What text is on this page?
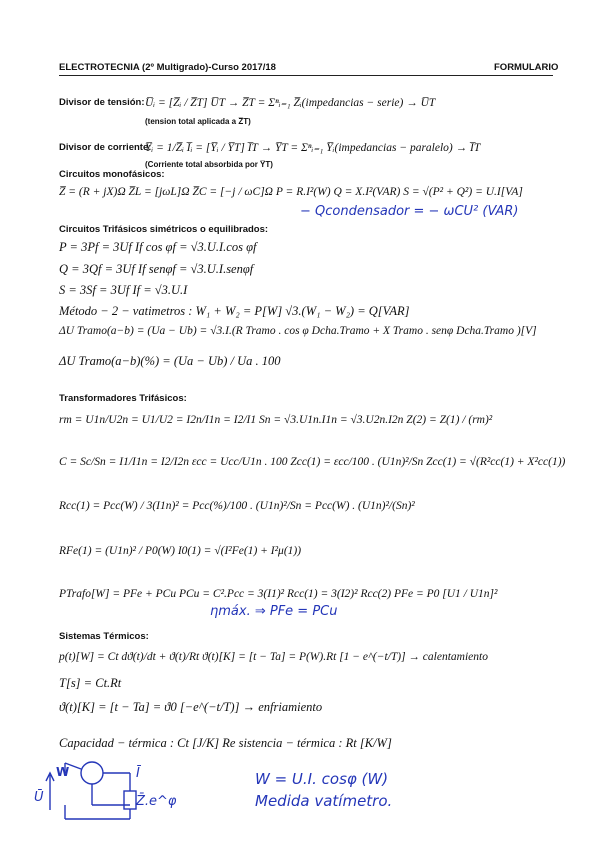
ELECTROTECNIA (2º Multigrado)-Curso 2017/18	FORMULARIO
Divisor de tensión: U̅ᵢ = [Z̅ᵢ / Z̅T] U̅T → Z̅T = Σⁿᵢ₌₁ Z̅ᵢ(impedancias − serie) → U̅T
(tension total aplicada a Z̅T)
Divisor de corriente:
Y̅ᵢ = 1/Z̅ᵢ I̅ᵢ = [Y̅ᵢ / Y̅T] I̅T → Y̅T = Σⁿᵢ₌₁ Y̅ᵢ(impedancias − paralelo) → I̅T
(Corriente total absorbida por Y̅T)
Circuitos monofásicos:
Z̅ = (R + jX)Ω Z̅L = [jωL]Ω Z̅C = [−j / ωC]Ω P = R.I²(W) Q = X.I²(VAR) S = √(P² + Q²) = U.I[VA]
− Qcondensador = − ωCU² (VAR)
Circuitos Trifásicos simétricos o equilibrados:
P = 3Pf = 3Uf If cos φf = √3.U.I.cos φf
Q = 3Qf = 3Uf If senφf = √3.U.I.senφf
S = 3Sf = 3Uf If = √3.U.I
Método − 2 − vatimetros : W₁ + W₂ = P[W] √3.(W₁ − W₂) = Q[VAR]
ΔU Tramo(a−b) = (Ua − Ub) = √3.I.(R Tramo . cos φ Dcha.Tramo + X Tramo . senφ Dcha.Tramo )[V]
ΔU Tramo(a−b)(%) = (Ua − Ub) / Ua . 100
Transformadores Trifásicos:
rm = U1n/U2n = U1/U2 = I2n/I1n = I2/I1 Sn = √3.U1n.I1n = √3.U2n.I2n Z(2) = Z(1) / (rm)²
C = Sc/Sn = I1/I1n = I2/I2n εcc = Ucc/U1n . 100 Zcc(1) = εcc/100 . (U1n)²/Sn Zcc(1) = √(R²cc(1) + X²cc(1))
Rcc(1) = Pcc(W) / 3(I1n)² = Pcc(%)/100 . (U1n)²/Sn = Pcc(W) . (U1n)²/(Sn)²
RFe(1) = (U1n)² / P0(W) I0(1) = √(I²Fe(1) + I²μ(1))
PTrafo[W] = PFe + PCu PCu = C².Pcc = 3(I1)² Rcc(1) = 3(I2)² Rcc(2) PFe = P0 [U1 / U1n]²
ηmáx. ⇒ PFe = PCu
Sistemas Térmicos:
p(t)[W] = Ct dϑ(t)/dt + ϑ(t)/Rt ϑ(t)[K] = [t − Ta] = P(W).Rt [1 − e^(−t/T)] → calentamiento
T[s] = Ct.Rt
ϑ(t)[K] = [t − Ta] = ϑ0 [−e^(−t/T)] → enfriamiento
Capacidad − térmica : Ct [J/K] Re sistencia − térmica : Rt [K/W]
W
Ū
Ī
Z̄.e^φ
W = U.I. cosφ (W)
Medida vatímetro.
